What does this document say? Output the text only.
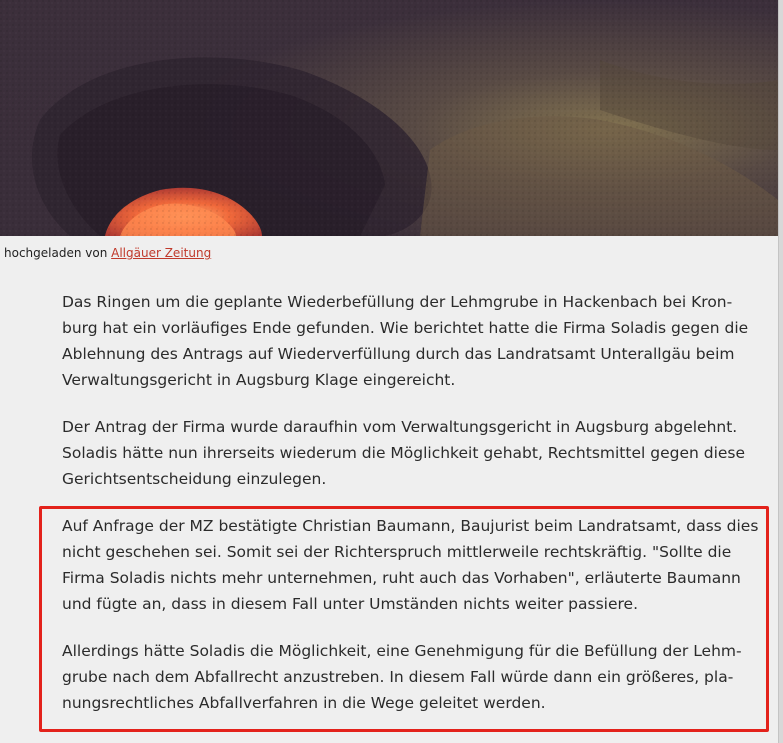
hochgeladen von Allgäuer Zeitung
Das Ringen um die geplante Wiederbefüllung der Lehmgrube in Hackenbach bei Kron-
burg hat ein vorläufiges Ende gefunden. Wie berichtet hatte die Firma Soladis gegen die
Ablehnung des Antrags auf Wiederverfüllung durch das Landratsamt Unterallgäu beim
Verwaltungsgericht in Augsburg Klage eingereicht.
Der Antrag der Firma wurde daraufhin vom Verwaltungsgericht in Augsburg abgelehnt.
Soladis hätte nun ihrerseits wiederum die Möglichkeit gehabt, Rechtsmittel gegen diese
Gerichtsentscheidung einzulegen.
Auf Anfrage der MZ bestätigte Christian Baumann, Baujurist beim Landratsamt, dass dies
nicht geschehen sei. Somit sei der Richterspruch mittlerweile rechtskräftig. "Sollte die
Firma Soladis nichts mehr unternehmen, ruht auch das Vorhaben", erläuterte Baumann
und fügte an, dass in diesem Fall unter Umständen nichts weiter passiere.
Allerdings hätte Soladis die Möglichkeit, eine Genehmigung für die Befüllung der Lehm-
grube nach dem Abfallrecht anzustreben. In diesem Fall würde dann ein größeres, pla-
nungsrechtliches Abfallverfahren in die Wege geleitet werden.
